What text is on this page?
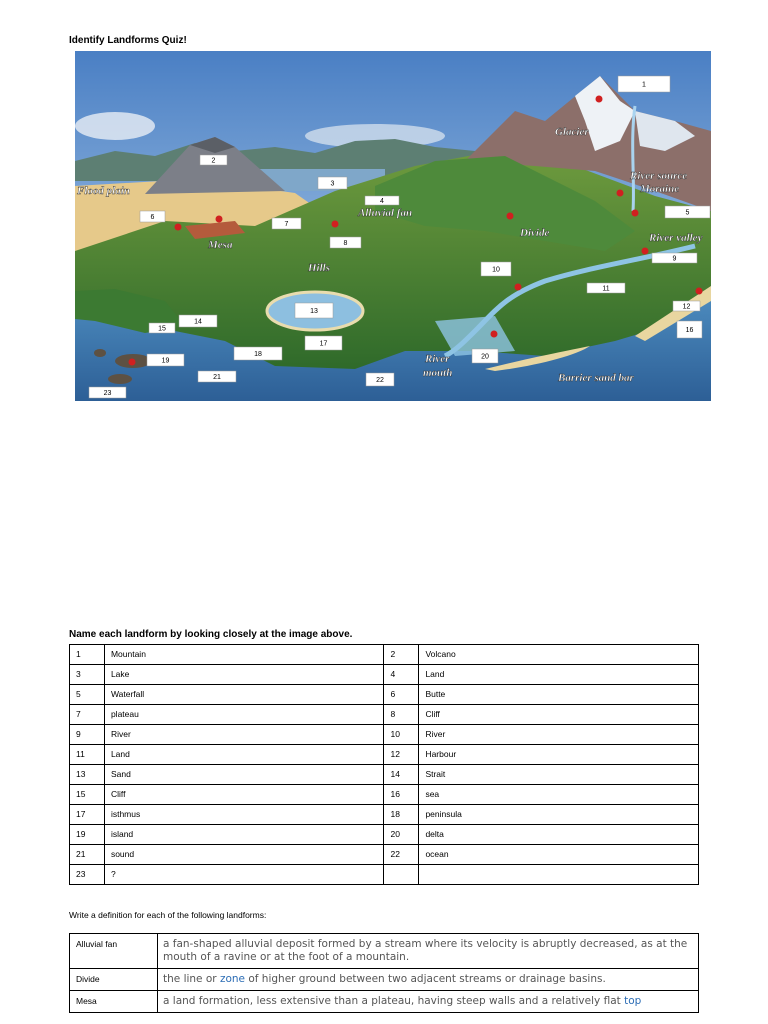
Identify Landforms Quiz!
Flood plain
Mesa
Alluvial fan
Hills
Glacier
River source
Moraine
Divide	River valley
River
mouth	Barrier sand bar
1
2
3
4
5
6
7
8
9
10
11
12
13
14
15	16
17
18
19
20
21	22
23
Name each landform by looking closely at the image above.
1	Mountain	2	Volcano
3	Lake	4	Land
5	Waterfall	6	Butte
7	plateau	8	Cliff
9	River	10	River
11	Land	12	Harbour
13	Sand	14	Strait
15	Cliff	16	sea
17	isthmus	18	peninsula
19	island	20	delta
21	sound	22	ocean
23	?		
Write a definition for each of the following landforms:
Alluvial fan	a fan-shaped alluvial deposit formed by a stream where its velocity is abruptly decreased, as at the mouth of a ravine or at the foot of a mountain.
Divide	the line or zone of higher ground between two adjacent streams or drainage basins.
Mesa	a land formation, less extensive than a plateau, having steep walls and a relatively flat top
